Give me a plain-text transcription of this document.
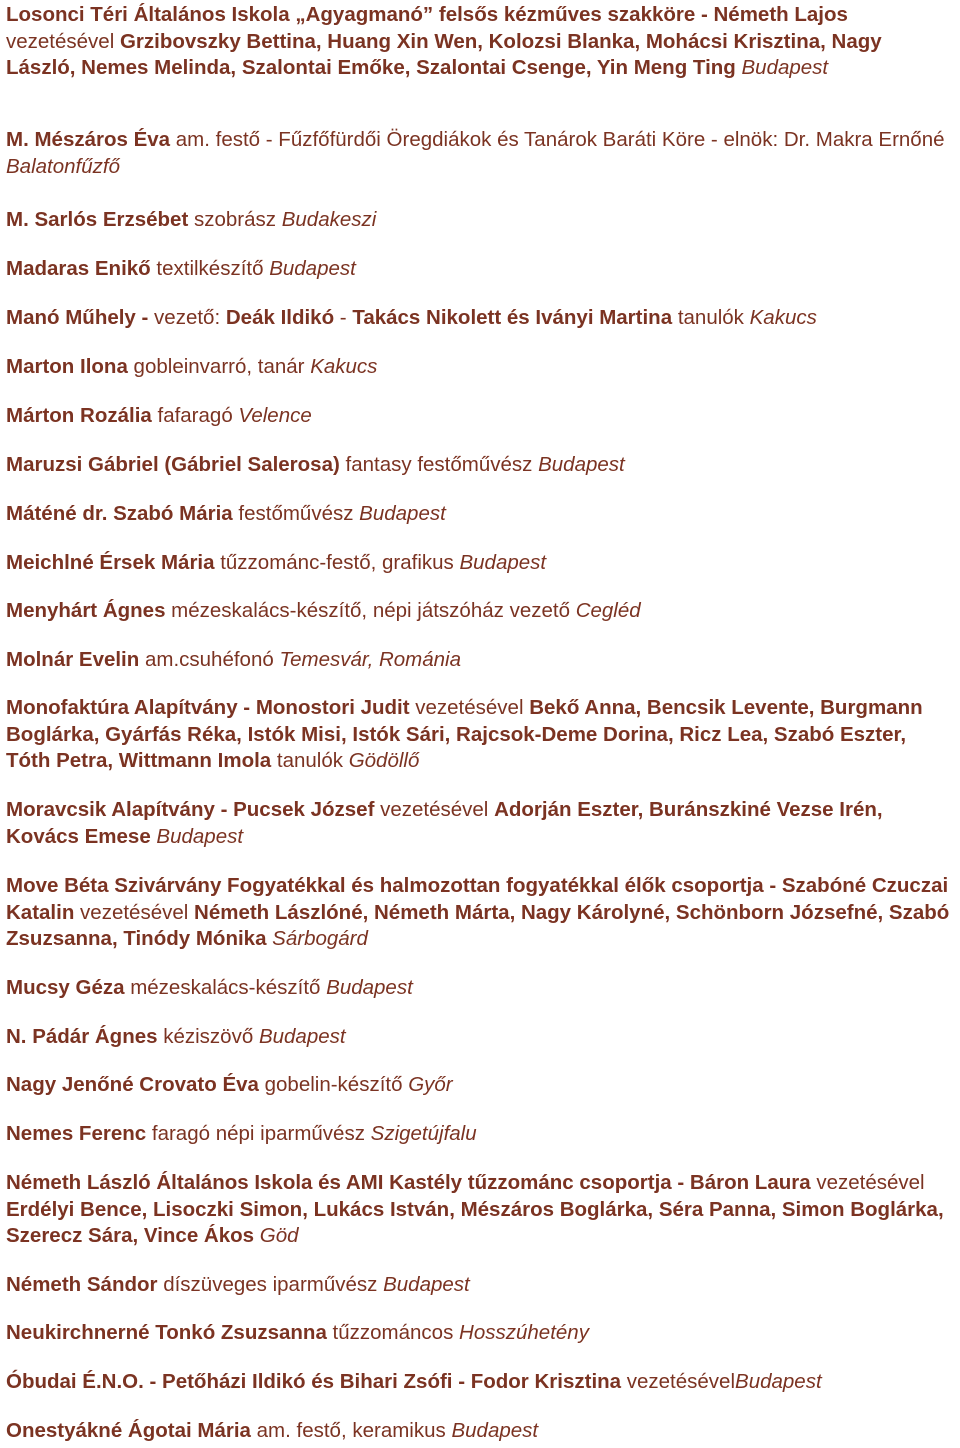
Losonci Téri Általános Iskola „Agyagmanó” felsős kézműves szakköre - Németh Lajos vezetésével Grzibovszky Bettina, Huang Xin Wen, Kolozsi Blanka, Mohácsi Krisztina, Nagy László, Nemes Melinda, Szalontai Emőke, Szalontai Csenge, Yin Meng Ting Budapest

M. Mészáros Éva am. festő - Fűzfőfürdői Öregdiákok és Tanárok Baráti Köre - elnök: Dr. Makra Ernőné Balatonfűzfő

M. Sarlós Erzsébet szobrász Budakeszi

Madaras Enikő textilkészítő Budapest

Manó Műhely - vezető: Deák Ildikó - Takács Nikolett és Iványi Martina tanulók Kakucs

Marton Ilona gobleinvarró, tanár Kakucs

Márton Rozália fafaragó Velence

Maruzsi Gábriel (Gábriel Salerosa) fantasy festőművész Budapest

Máténé dr. Szabó Mária festőművész Budapest

Meichlné Érsek Mária tűzzománc-festő, grafikus Budapest

Menyhárt Ágnes mézeskalács-készítő, népi játszóház vezető Cegléd

Molnár Evelin am.csuhéfonó Temesvár, Románia

Monofaktúra Alapítvány - Monostori Judit vezetésével Bekő Anna, Bencsik Levente, Burgmann Boglárka, Gyárfás Réka, Istók Misi, Istók Sári, Rajcsok-Deme Dorina, Ricz Lea, Szabó Eszter, Tóth Petra, Wittmann Imola tanulók Gödöllő

Moravcsik Alapítvány - Pucsek József vezetésével Adorján Eszter, Buránszkiné Vezse Irén, Kovács Emese Budapest

Move Béta Szivárvány Fogyatékkal és halmozottan fogyatékkal élők csoportja - Szabóné Czuczai Katalin vezetésével Németh Lászlóné, Németh Márta, Nagy Károlyné, Schönborn Józsefné, Szabó Zsuzsanna, Tinódy Mónika Sárbogárd

Mucsy Géza mézeskalács-készítő Budapest

N. Pádár Ágnes kéziszövő Budapest

Nagy Jenőné Crovato Éva gobelin-készítő Győr

Nemes Ferenc faragó népi iparművész Szigetújfalu

Németh László Általános Iskola és AMI Kastély tűzzománc csoportja - Báron Laura vezetésével Erdélyi Bence, Lisoczki Simon, Lukács István, Mészáros Boglárka, Séra Panna, Simon Boglárka, Szerecz Sára, Vince Ákos Göd

Németh Sándor díszüveges iparművész Budapest

Neukirchnerné Tonkó Zsuzsanna tűzzománcos Hosszúhetény

Óbudai É.N.O. - Petőházi Ildikó és Bihari Zsófi - Fodor Krisztina vezetésévelBudapest

Onestyákné Ágotai Mária am. festő, keramikus Budapest
